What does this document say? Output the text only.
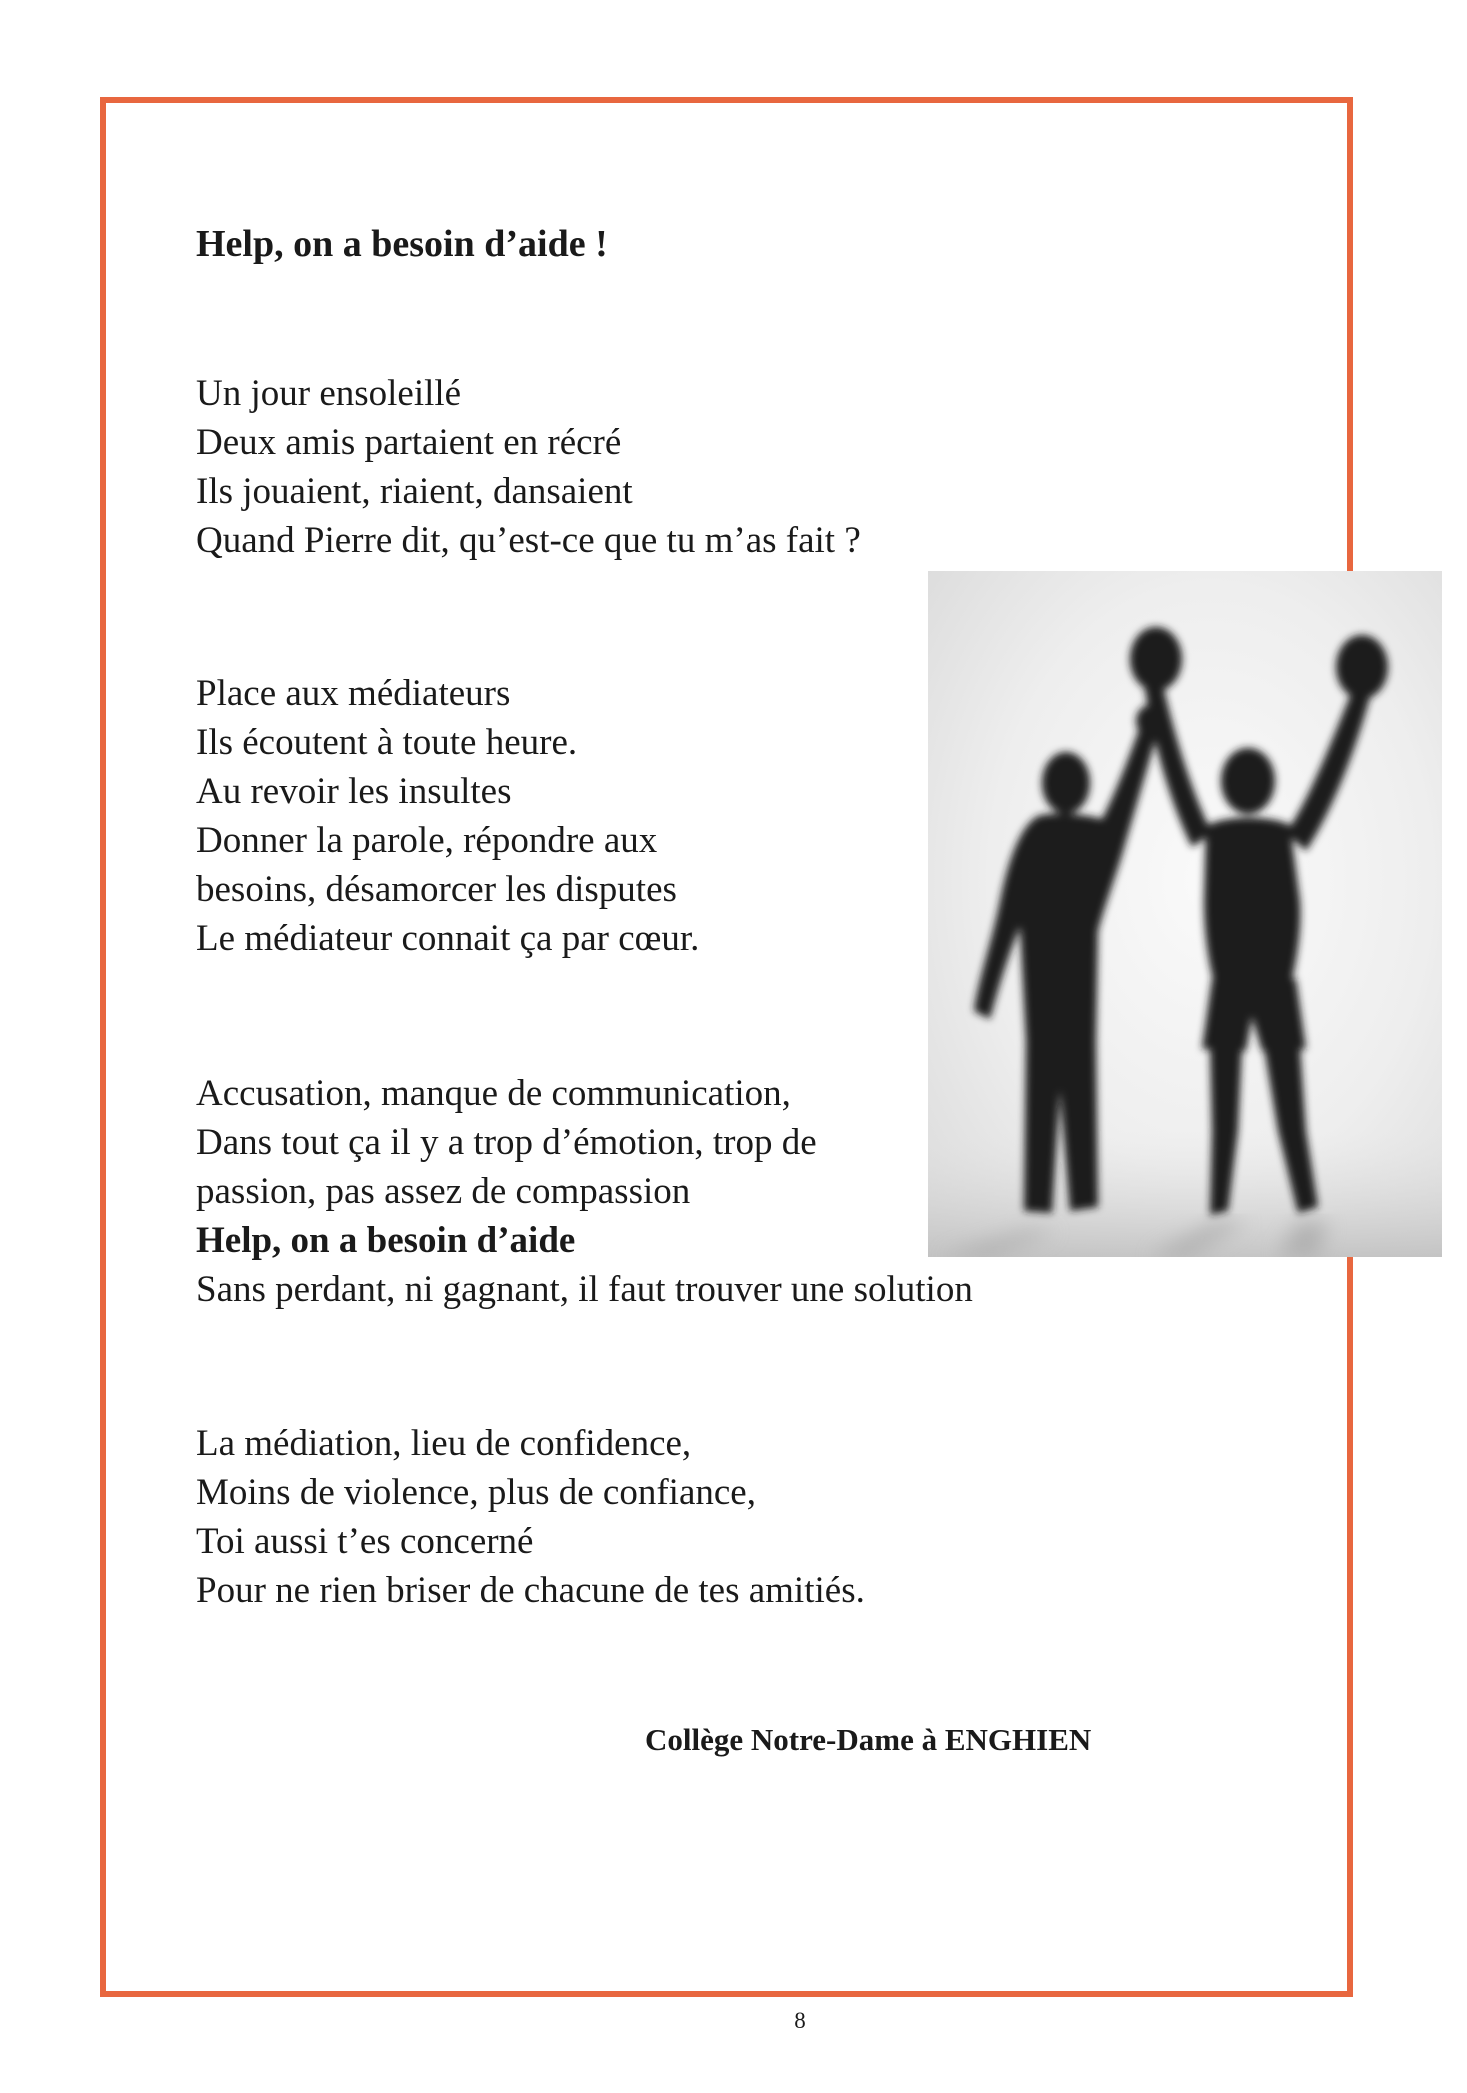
Help, on a besoin d’aide !
Un jour ensoleillé
Deux amis partaient en récré
Ils jouaient, riaient, dansaient
Quand Pierre dit, qu’est-ce que tu m’as fait ?
Place aux médiateurs
Ils écoutent à toute heure.
Au revoir les insultes
Donner la parole, répondre aux
besoins, désamorcer les disputes
Le médiateur connait ça par cœur.
Accusation, manque de communication,
Dans tout ça il y a trop d’émotion, trop de
passion, pas assez de compassion
Help, on a besoin d’aide
Sans perdant, ni gagnant, il faut trouver une solution
La médiation, lieu de confidence,
Moins de violence, plus de confiance,
Toi aussi t’es concerné
Pour ne rien briser de chacune de tes amitiés.
Collège Notre-Dame à ENGHIEN
8
